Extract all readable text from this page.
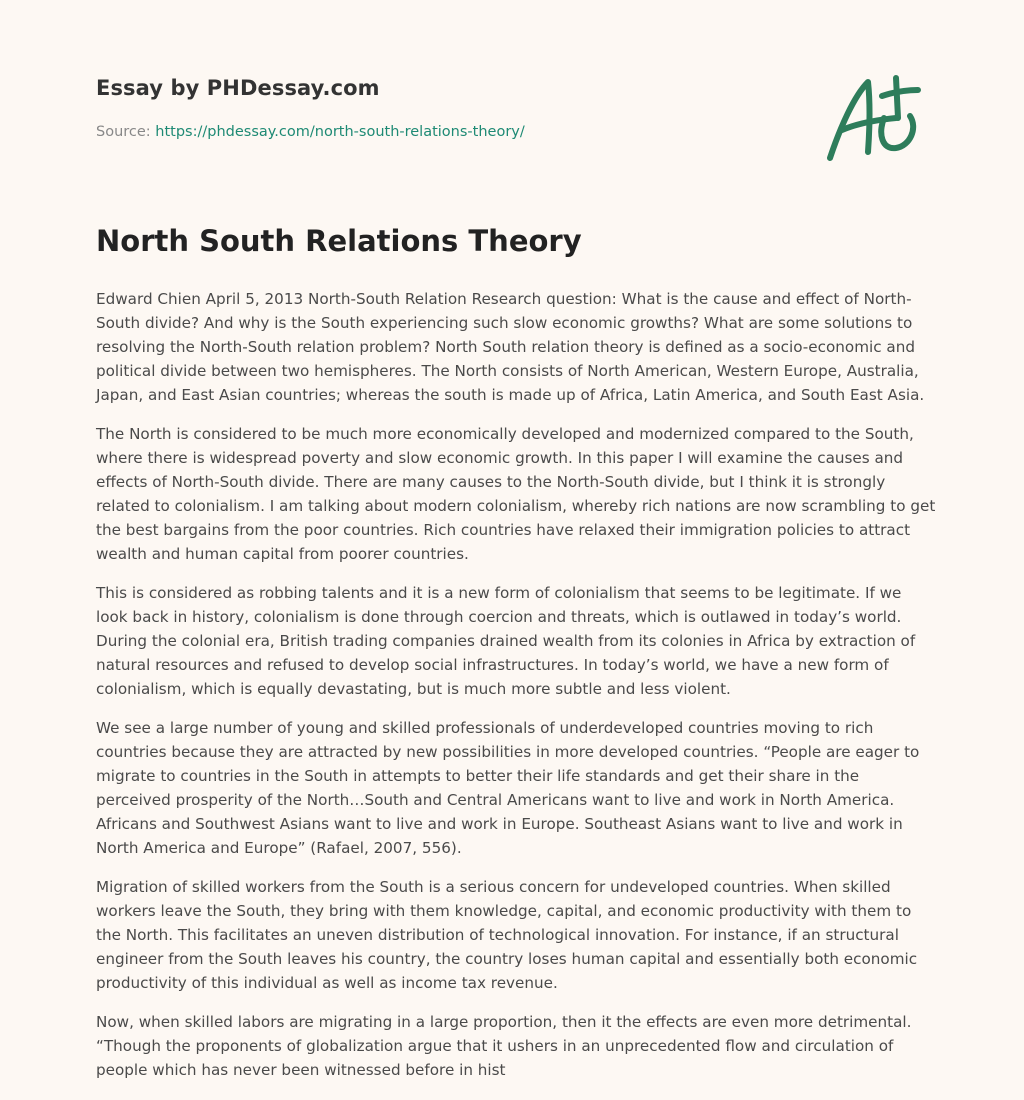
Essay by PHDessay.com
Source: https://phdessay.com/north-south-relations-theory/
North South Relations Theory

Edward Chien April 5, 2013 North-South Relation Research question: What is the cause and effect of North-South divide? And why is the South experiencing such slow economic growths? What are some solutions to resolving the North-South relation problem? North South relation theory is defined as a socio-economic and political divide between two hemispheres. The North consists of North American, Western Europe, Australia, Japan, and East Asian countries; whereas the south is made up of Africa, Latin America, and South East Asia.

The North is considered to be much more economically developed and modernized compared to the South, where there is widespread poverty and slow economic growth. In this paper I will examine the causes and effects of North-South divide. There are many causes to the North-South divide, but I think it is strongly related to colonialism. I am talking about modern colonialism, whereby rich nations are now scrambling to get the best bargains from the poor countries. Rich countries have relaxed their immigration policies to attract wealth and human capital from poorer countries.

This is considered as robbing talents and it is a new form of colonialism that seems to be legitimate. If we look back in history, colonialism is done through coercion and threats, which is outlawed in today’s world. During the colonial era, British trading companies drained wealth from its colonies in Africa by extraction of natural resources and refused to develop social infrastructures. In today’s world, we have a new form of colonialism, which is equally devastating, but is much more subtle and less violent.

We see a large number of young and skilled professionals of underdeveloped countries moving to rich countries because they are attracted by new possibilities in more developed countries. “People are eager to migrate to countries in the South in attempts to better their life standards and get their share in the perceived prosperity of the North…South and Central Americans want to live and work in North America. Africans and Southwest Asians want to live and work in Europe. Southeast Asians want to live and work in North America and Europe” (Rafael, 2007, 556).

Migration of skilled workers from the South is a serious concern for undeveloped countries. When skilled workers leave the South, they bring with them knowledge, capital, and economic productivity with them to the North. This facilitates an uneven distribution of technological innovation. For instance, if an structural engineer from the South leaves his country, the country loses human capital and essentially both economic productivity of this individual as well as income tax revenue.

Now, when skilled labors are migrating in a large proportion, then it the effects are even more detrimental. “Though the proponents of globalization argue that it ushers in an unprecedented flow and circulation of people which has never been witnessed before in hist
